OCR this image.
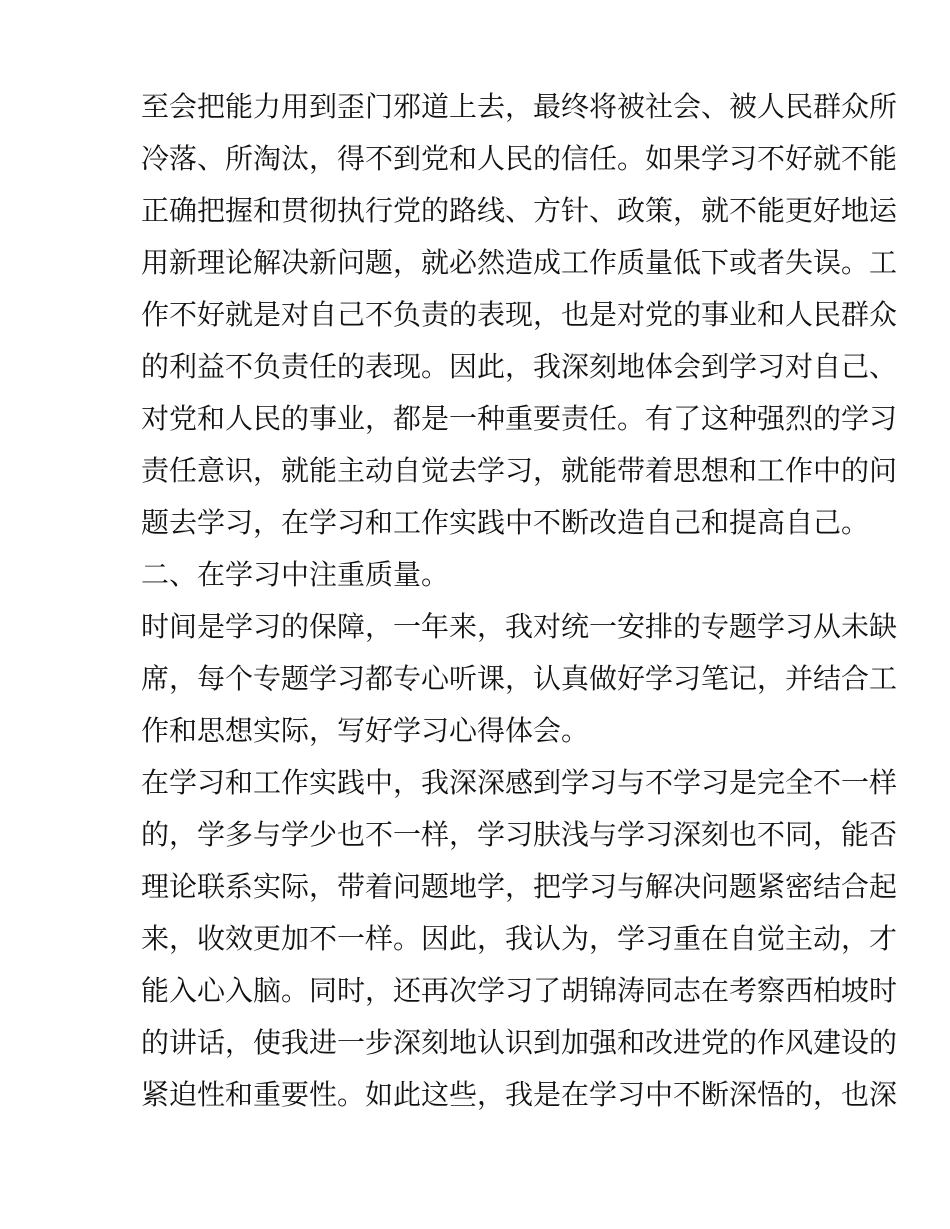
至会把能力用到歪门邪道上去，最终将被社会、被人民群众所
冷落、所淘汰，得不到党和人民的信任。如果学习不好就不能
正确把握和贯彻执行党的路线、方针、政策，就不能更好地运
用新理论解决新问题，就必然造成工作质量低下或者失误。工
作不好就是对自己不负责的表现，也是对党的事业和人民群众
的利益不负责任的表现。因此，我深刻地体会到学习对自己、
对党和人民的事业，都是一种重要责任。有了这种强烈的学习
责任意识，就能主动自觉去学习，就能带着思想和工作中的问
题去学习，在学习和工作实践中不断改造自己和提高自己。
二、在学习中注重质量。
时间是学习的保障，一年来，我对统一安排的专题学习从未缺
席，每个专题学习都专心听课，认真做好学习笔记，并结合工
作和思想实际，写好学习心得体会。
在学习和工作实践中，我深深感到学习与不学习是完全不一样
的，学多与学少也不一样，学习肤浅与学习深刻也不同，能否
理论联系实际，带着问题地学，把学习与解决问题紧密结合起
来，收效更加不一样。因此，我认为，学习重在自觉主动，才
能入心入脑。同时，还再次学习了胡锦涛同志在考察西柏坡时
的讲话，使我进一步深刻地认识到加强和改进党的作风建设的
紧迫性和重要性。如此这些，我是在学习中不断深悟的，也深
